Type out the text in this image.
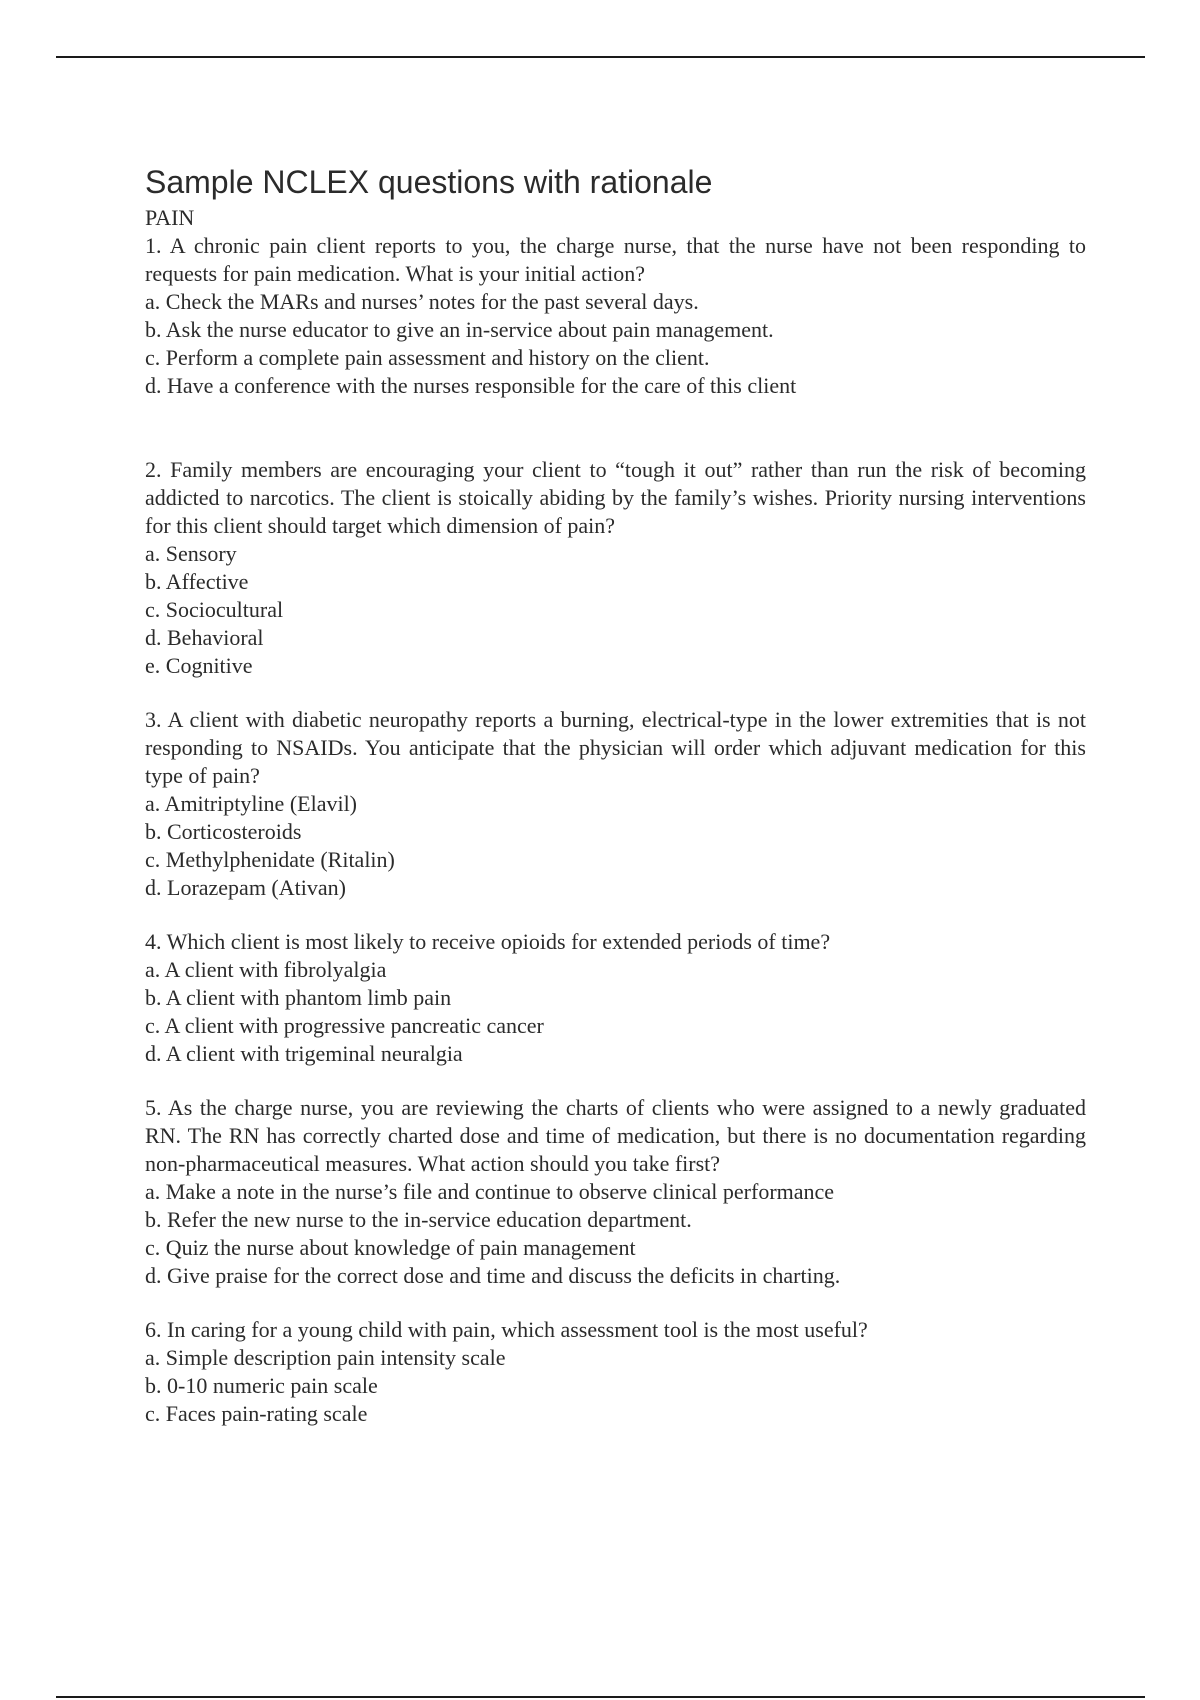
Sample NCLEX questions with rationale

PAIN

1. A chronic pain client reports to you, the charge nurse, that the nurse have not been responding to requests for pain medication. What is your initial action?

a. Check the MARs and nurses’ notes for the past several days.
b. Ask the nurse educator to give an in-service about pain management.
c. Perform a complete pain assessment and history on the client.
d. Have a conference with the nurses responsible for the care of this client

2. Family members are encouraging your client to “tough it out” rather than run the risk of becoming addicted to narcotics. The client is stoically abiding by the family’s wishes. Priority nursing interventions for this client should target which dimension of pain?

a. Sensory
b. Affective
c. Sociocultural
d. Behavioral
e. Cognitive

3. A client with diabetic neuropathy reports a burning, electrical-type in the lower extremities that is not responding to NSAIDs. You anticipate that the physician will order which adjuvant medication for this type of pain?

a. Amitriptyline (Elavil)
b. Corticosteroids
c. Methylphenidate (Ritalin)
d. Lorazepam (Ativan)

4. Which client is most likely to receive opioids for extended periods of time?

a. A client with fibrolyalgia
b. A client with phantom limb pain
c. A client with progressive pancreatic cancer
d. A client with trigeminal neuralgia

5. As the charge nurse, you are reviewing the charts of clients who were assigned to a newly graduated RN. The RN has correctly charted dose and time of medication, but there is no documentation regarding non-pharmaceutical measures. What action should you take first?

a. Make a note in the nurse’s file and continue to observe clinical performance
b. Refer the new nurse to the in-service education department.
c. Quiz the nurse about knowledge of pain management
d. Give praise for the correct dose and time and discuss the deficits in charting.

6. In caring for a young child with pain, which assessment tool is the most useful?

a. Simple description pain intensity scale
b. 0-10 numeric pain scale
c. Faces pain-rating scale
